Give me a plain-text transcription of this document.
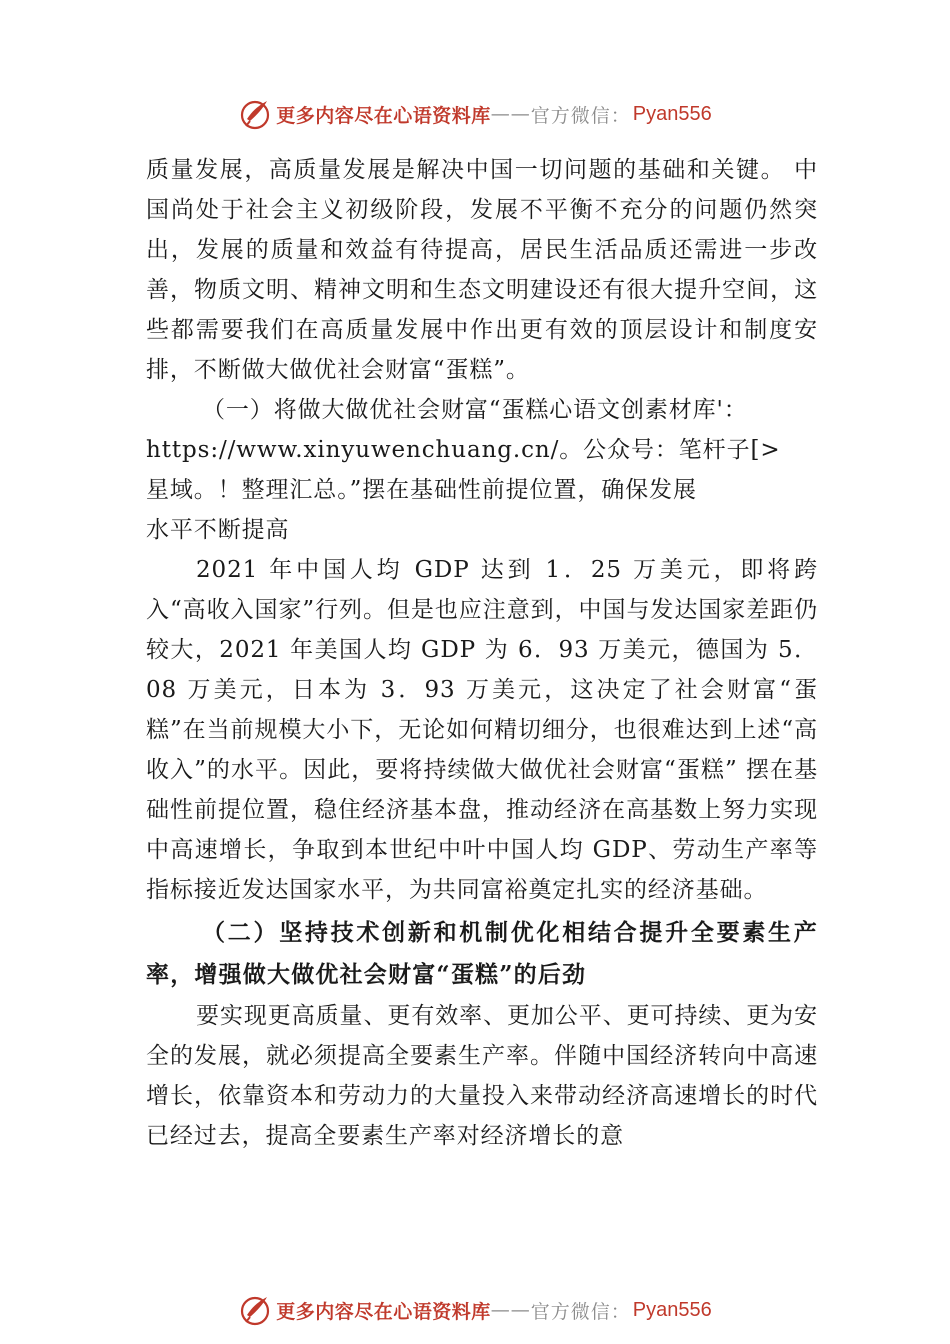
更多内容尽在心语资料库 —— 官方微信： Pyan556

质量发展，高质量发展是解决中国一切问题的基础和关键。 中国尚处于社会主义初级阶段，发展不平衡不充分的问题仍然突出，发展的质量和效益有待提高，居民生活品质还需进一步改善，物质文明、精神文明和生态文明建设还有很大提升空间，这些都需要我们在高质量发展中作出更有效的顶层设计和制度安排，不断做大做优社会财富“蛋糕”。

（一）将做大做优社会财富“蛋糕心语文创素材库'：

https://www.xinyuwenchuang.cn/。公众号：笔杆子[>

星域。！整理汇总。”摆在基础性前提位置，确保发展

水平不断提高

2021 年中国人均 GDP 达到 1．25 万美元，即将跨入“高收入国家”行列。但是也应注意到，中国与发达国家差距仍较大，2021 年美国人均 GDP 为 6．93 万美元，德国为 5．08 万美元，日本为 3．93 万美元，这决定了社会财富“蛋糕”在当前规模大小下，无论如何精切细分，也很难达到上述“高收入”的水平。因此，要将持续做大做优社会财富“蛋糕” 摆在基础性前提位置，稳住经济基本盘，推动经济在高基数上努力实现中高速增长，争取到本世纪中叶中国人均 GDP、劳动生产率等指标接近发达国家水平，为共同富裕奠定扎实的经济基础。

（二）坚持技术创新和机制优化相结合提升全要素生产率，增强做大做优社会财富“蛋糕”的后劲

要实现更高质量、更有效率、更加公平、更可持续、更为安全的发展，就必须提高全要素生产率。伴随中国经济转向中高速增长，依靠资本和劳动力的大量投入来带动经济高速增长的时代已经过去，提高全要素生产率对经济增长的意

更多内容尽在心语资料库 —— 官方微信： Pyan556
